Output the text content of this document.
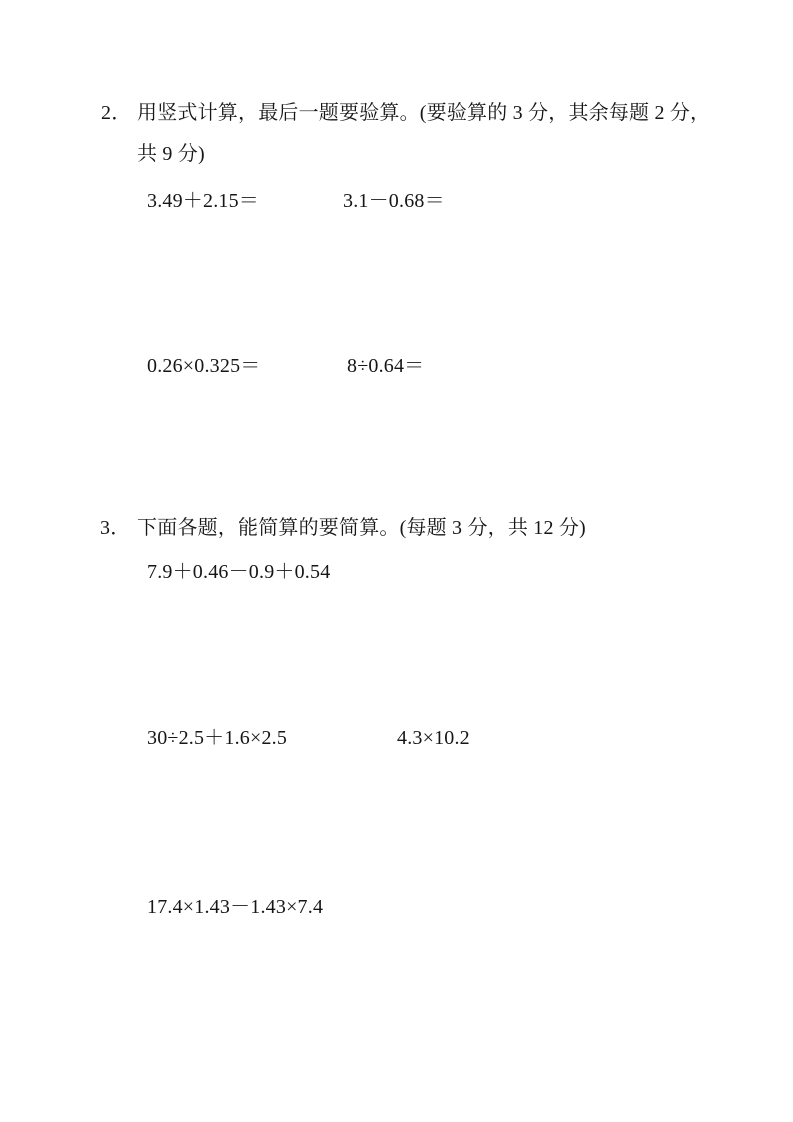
2． 用竖式计算，最后一题要验算。(要验算的 3 分，其余每题 2 分，
共 9 分)
3.49＋2.15＝	3.1－0.68＝
0.26×0.325＝	8÷0.64＝
3． 下面各题，能简算的要简算。(每题 3 分，共 12 分)
7.9＋0.46－0.9＋0.54
30÷2.5＋1.6×2.5	4.3×10.2
17.4×1.43－1.43×7.4
